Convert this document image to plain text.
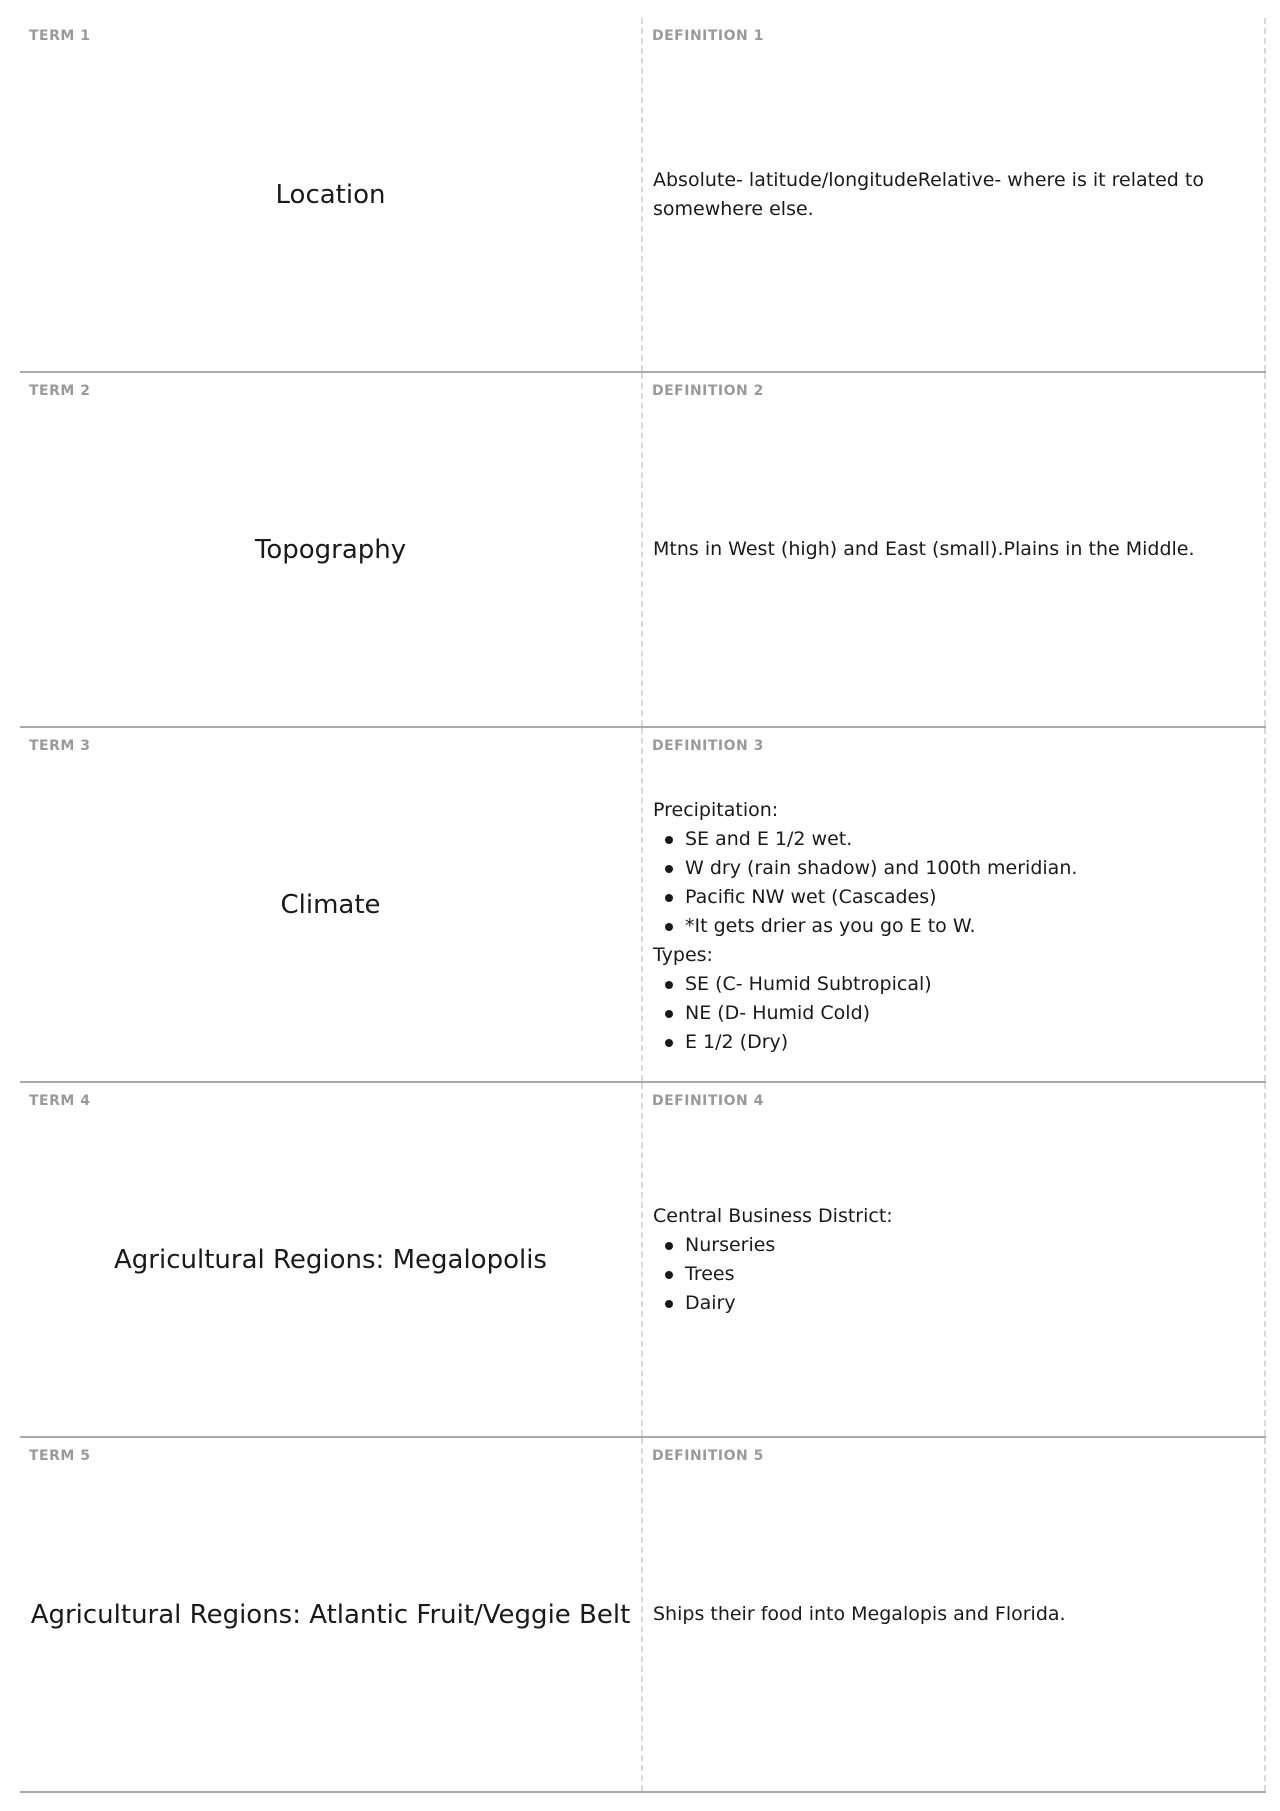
TERM 1
Location
DEFINITION 1
Absolute- latitude/longitudeRelative- where is it related to somewhere else.
TERM 2
Topography
DEFINITION 2
Mtns in West (high) and East (small).Plains in the Middle.
TERM 3
Climate
DEFINITION 3
Precipitation:
SE and E 1/2 wet.
W dry (rain shadow) and 100th meridian.
Pacific NW wet (Cascades)
*It gets drier as you go E to W.
Types:
SE (C- Humid Subtropical)
NE (D- Humid Cold)
E 1/2 (Dry)
TERM 4
Agricultural Regions: Megalopolis
DEFINITION 4
Central Business District:
Nurseries
Trees
Dairy
TERM 5
Agricultural Regions: Atlantic Fruit/Veggie Belt
DEFINITION 5
Ships their food into Megalopis and Florida.
